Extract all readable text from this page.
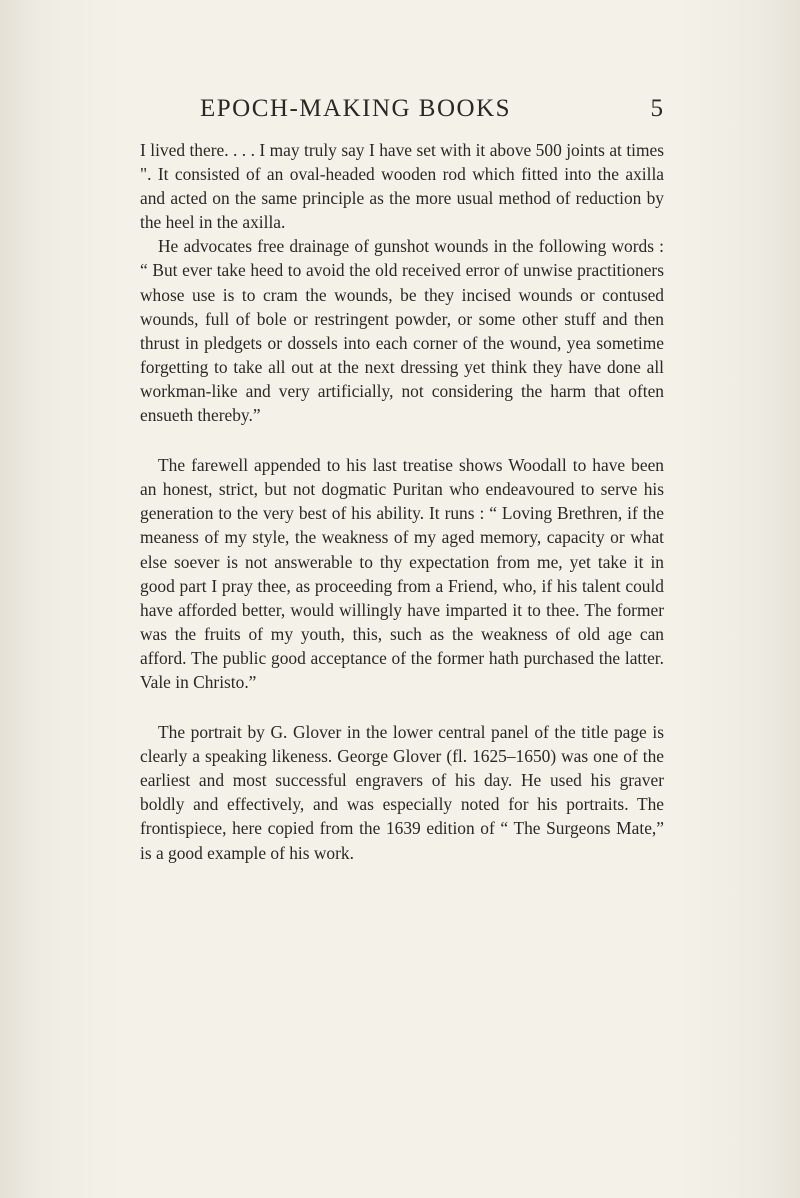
EPOCH-MAKING BOOKS	5

I lived there. . . . I may truly say I have set with it above 500 joints at times ". It consisted of an oval-headed wooden rod which fitted into the axilla and acted on the same principle as the more usual method of reduction by the heel in the axilla.

He advocates free drainage of gunshot wounds in the following words : “ But ever take heed to avoid the old received error of unwise practitioners whose use is to cram the wounds, be they incised wounds or contused wounds, full of bole or restringent powder, or some other stuff and then thrust in pledgets or dossels into each corner of the wound, yea sometime forgetting to take all out at the next dressing yet think they have done all workman-like and very artificially, not considering the harm that often ensueth thereby.”

The farewell appended to his last treatise shows Woodall to have been an honest, strict, but not dogmatic Puritan who endeavoured to serve his generation to the very best of his ability. It runs : “ Loving Brethren, if the meaness of my style, the weakness of my aged memory, capacity or what else soever is not answerable to thy expectation from me, yet take it in good part I pray thee, as proceeding from a Friend, who, if his talent could have afforded better, would willingly have imparted it to thee. The former was the fruits of my youth, this, such as the weakness of old age can afford. The public good acceptance of the former hath purchased the latter. Vale in Christo.”

The portrait by G. Glover in the lower central panel of the title page is clearly a speaking likeness. George Glover (fl. 1625–1650) was one of the earliest and most successful engravers of his day. He used his graver boldly and effectively, and was especially noted for his portraits. The frontispiece, here copied from the 1639 edition of “ The Surgeons Mate,” is a good example of his work.
